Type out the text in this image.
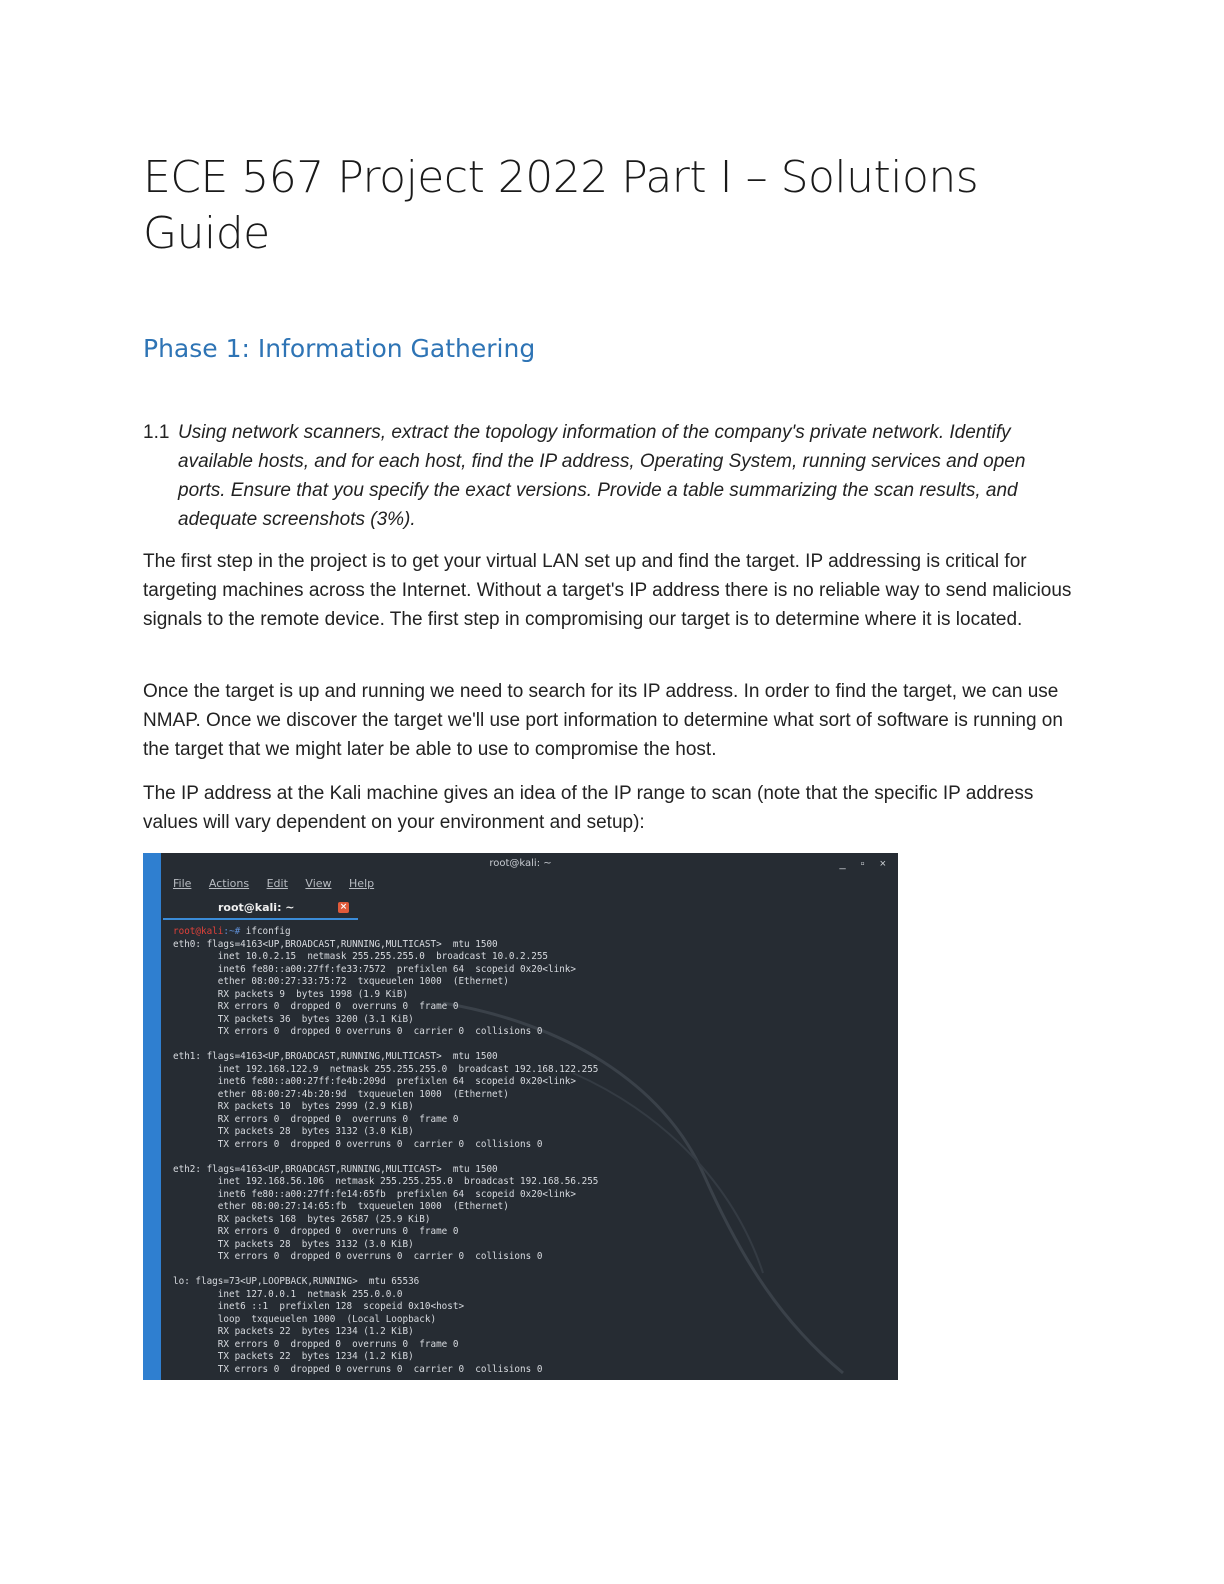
ECE 567 Project 2022 Part I – Solutions Guide
Phase 1: Information Gathering
1.1 Using network scanners, extract the topology information of the company's private network. Identify available hosts, and for each host, find the IP address, Operating System, running services and open ports. Ensure that you specify the exact versions. Provide a table summarizing the scan results, and adequate screenshots (3%).

The first step in the project is to get your virtual LAN set up and find the target. IP addressing is critical for targeting machines across the Internet. Without a target's IP address there is no reliable way to send malicious signals to the remote device. The first step in compromising our target is to determine where it is located.

Once the target is up and running we need to search for its IP address. In order to find the target, we can use NMAP. Once we discover the target we'll use port information to determine what sort of software is running on the target that we might later be able to use to compromise the host.

The IP address at the Kali machine gives an idea of the IP range to scan (note that the specific IP address values will vary dependent on your environment and setup):

root@kali: ~	_ ▫ ×
File Actions Edit View Help
root@kali: ~	×
root@kali:~# ifconfig
eth0: flags=4163<UP,BROADCAST,RUNNING,MULTICAST>  mtu 1500
inet 10.0.2.15  netmask 255.255.255.0  broadcast 10.0.2.255
inet6 fe80::a00:27ff:fe33:7572  prefixlen 64  scopeid 0x20<link>
ether 08:00:27:33:75:72  txqueuelen 1000  (Ethernet)
RX packets 9  bytes 1998 (1.9 KiB)
RX errors 0  dropped 0  overruns 0  frame 0
TX packets 36  bytes 3200 (3.1 KiB)
TX errors 0  dropped 0 overruns 0  carrier 0  collisions 0

eth1: flags=4163<UP,BROADCAST,RUNNING,MULTICAST>  mtu 1500
inet 192.168.122.9  netmask 255.255.255.0  broadcast 192.168.122.255
inet6 fe80::a00:27ff:fe4b:209d  prefixlen 64  scopeid 0x20<link>
ether 08:00:27:4b:20:9d  txqueuelen 1000  (Ethernet)
RX packets 10  bytes 2999 (2.9 KiB)
RX errors 0  dropped 0  overruns 0  frame 0
TX packets 28  bytes 3132 (3.0 KiB)
TX errors 0  dropped 0 overruns 0  carrier 0  collisions 0

eth2: flags=4163<UP,BROADCAST,RUNNING,MULTICAST>  mtu 1500
inet 192.168.56.106  netmask 255.255.255.0  broadcast 192.168.56.255
inet6 fe80::a00:27ff:fe14:65fb  prefixlen 64  scopeid 0x20<link>
ether 08:00:27:14:65:fb  txqueuelen 1000  (Ethernet)
RX packets 168  bytes 26587 (25.9 KiB)
RX errors 0  dropped 0  overruns 0  frame 0
TX packets 28  bytes 3132 (3.0 KiB)
TX errors 0  dropped 0 overruns 0  carrier 0  collisions 0

lo: flags=73<UP,LOOPBACK,RUNNING>  mtu 65536
inet 127.0.0.1  netmask 255.0.0.0
inet6 ::1  prefixlen 128  scopeid 0x10<host>
loop  txqueuelen 1000  (Local Loopback)
RX packets 22  bytes 1234 (1.2 KiB)
RX errors 0  dropped 0  overruns 0  frame 0
TX packets 22  bytes 1234 (1.2 KiB)
TX errors 0  dropped 0 overruns 0  carrier 0  collisions 0
